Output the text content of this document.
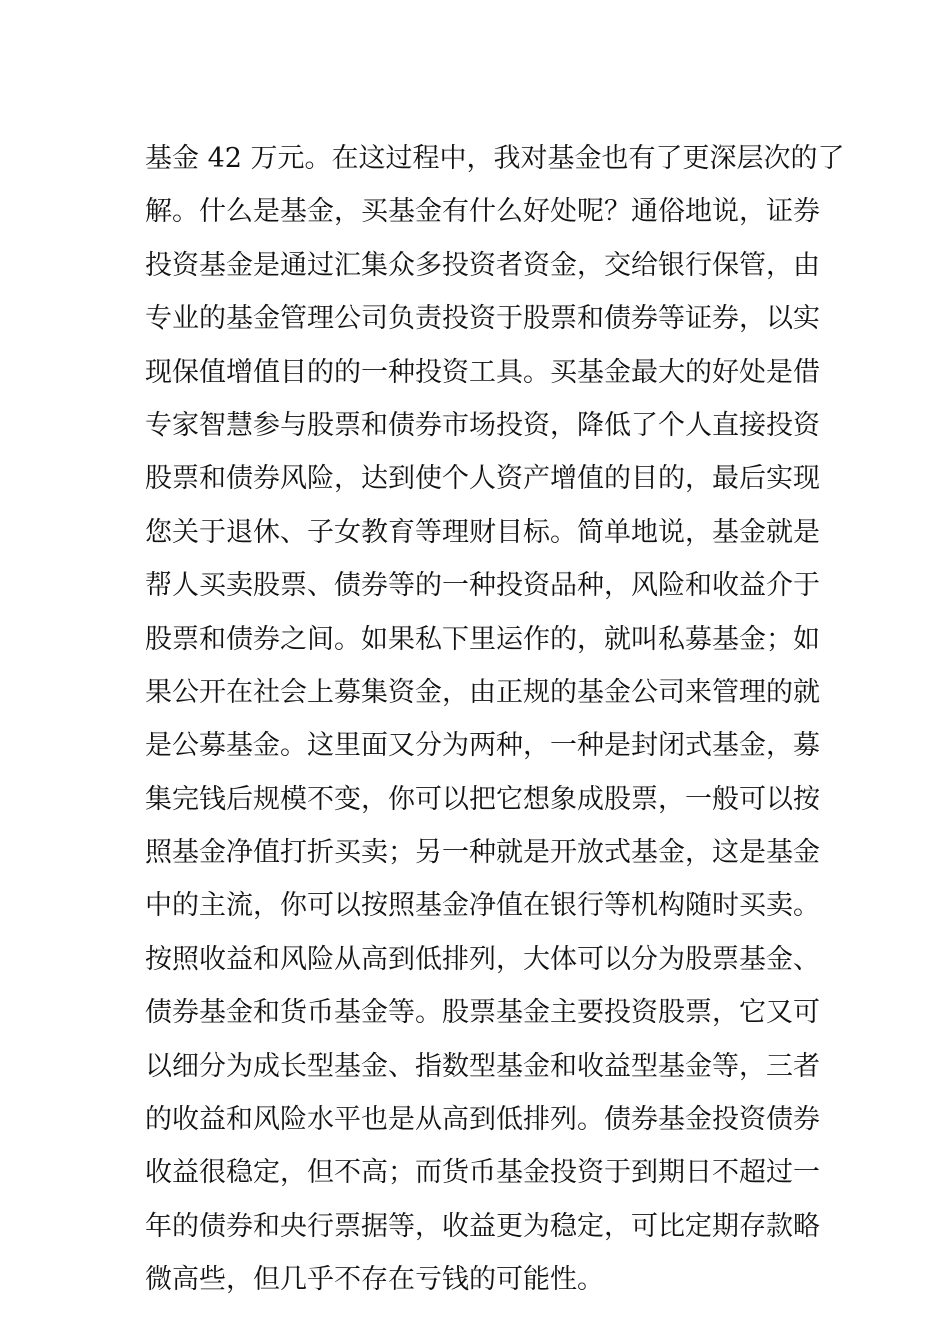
基金 42 万元。在这过程中，我对基金也有了更深层次的了
解。什么是基金，买基金有什么好处呢？通俗地说，证券
投资基金是通过汇集众多投资者资金，交给银行保管，由
专业的基金管理公司负责投资于股票和债券等证券，以实
现保值增值目的的一种投资工具。买基金最大的好处是借
专家智慧参与股票和债券市场投资，降低了个人直接投资
股票和债券风险，达到使个人资产增值的目的，最后实现
您关于退休、子女教育等理财目标。简单地说，基金就是
帮人买卖股票、债券等的一种投资品种，风险和收益介于
股票和债券之间。如果私下里运作的，就叫私募基金；如
果公开在社会上募集资金，由正规的基金公司来管理的就
是公募基金。这里面又分为两种，一种是封闭式基金，募
集完钱后规模不变，你可以把它想象成股票，一般可以按
照基金净值打折买卖；另一种就是开放式基金，这是基金
中的主流，你可以按照基金净值在银行等机构随时买卖。
按照收益和风险从高到低排列，大体可以分为股票基金、
债券基金和货币基金等。股票基金主要投资股票，它又可
以细分为成长型基金、指数型基金和收益型基金等，三者
的收益和风险水平也是从高到低排列。债券基金投资债券
收益很稳定，但不高；而货币基金投资于到期日不超过一
年的债券和央行票据等，收益更为稳定，可比定期存款略
微高些，但几乎不存在亏钱的可能性。
